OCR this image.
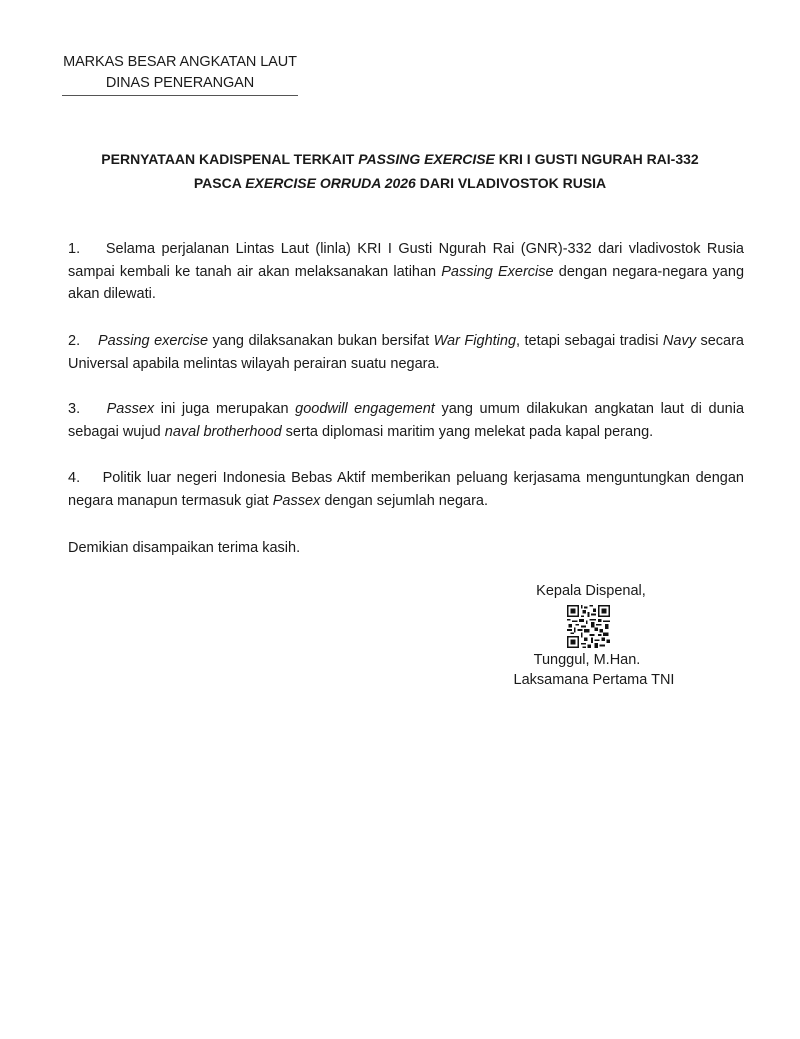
MARKAS BESAR ANGKATAN LAUT
DINAS PENERANGAN
PERNYATAAN KADISPENAL TERKAIT PASSING EXERCISE KRI I GUSTI NGURAH RAI-332
PASCA EXERCISE ORRUDA 2026 DARI VLADIVOSTOK RUSIA
1.    Selama perjalanan Lintas Laut (linla) KRI I Gusti Ngurah Rai (GNR)-332 dari vladivostok Rusia sampai kembali ke tanah air akan melaksanakan latihan Passing Exercise dengan negara-negara yang akan dilewati.
2.    Passing exercise yang dilaksanakan bukan bersifat War Fighting, tetapi sebagai tradisi Navy secara Universal apabila melintas wilayah perairan suatu negara.
3.    Passex ini juga merupakan goodwill engagement yang umum dilakukan angkatan laut di dunia sebagai wujud naval brotherhood serta diplomasi maritim yang melekat pada kapal perang.
4.    Politik luar negeri Indonesia Bebas Aktif memberikan peluang kerjasama menguntungkan dengan negara manapun termasuk giat Passex dengan sejumlah negara.
Demikian disampaikan terima kasih.
Kepala Dispenal,
Tunggul, M.Han.
Laksamana Pertama TNI
